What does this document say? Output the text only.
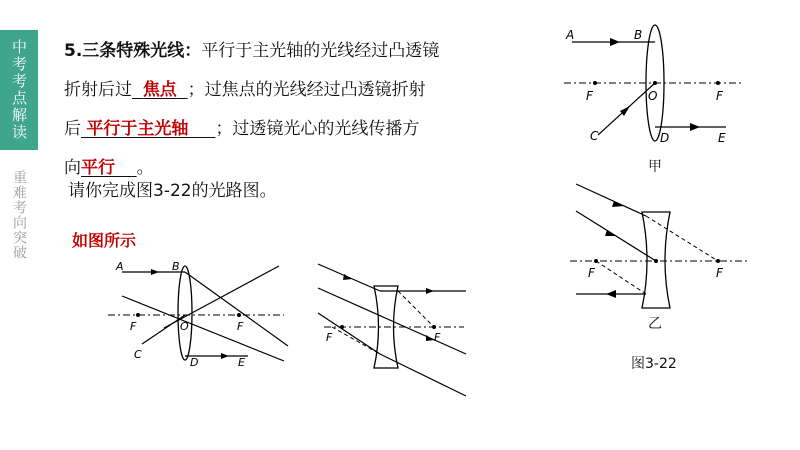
中考考点解读
重难考向突破

5.三条特殊光线：平行于主光轴的光线经过凸透镜

折射后过 焦点 ；过焦点的光线经过凸透镜折射

后 平行于主光轴 ；过透镜光心的光线传播方

向平行 。

请你完成图3-22的光路图。
如图所示
A	B
F	O	F
C
D	E
F	F
A	B
F	O	F
C	D	E
甲
F	F
乙
图3-22
